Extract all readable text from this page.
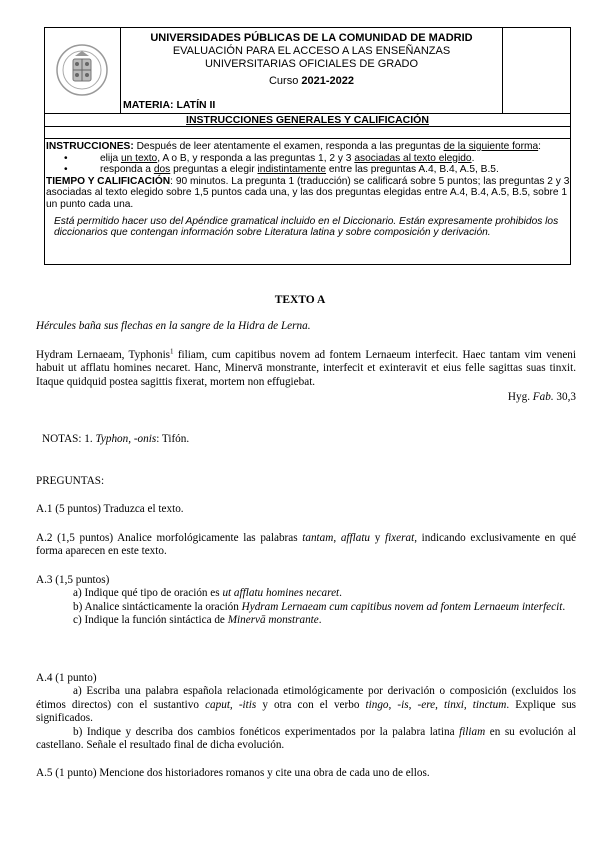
UNIVERSIDADES PÚBLICAS DE LA COMUNIDAD DE MADRID
EVALUACIÓN PARA EL ACCESO A LAS ENSEÑANZAS
UNIVERSITARIAS OFICIALES DE GRADO
Curso 2021-2022
MATERIA: LATÍN II
INSTRUCCIONES GENERALES Y CALIFICACIÓN

INSTRUCCIONES: Después de leer atentamente el examen, responda a las preguntas de la siguiente forma:

• elija un texto, A o B, y responda a las preguntas 1, 2 y 3 asociadas al texto elegido.

• responda a dos preguntas a elegir indistintamente entre las preguntas A.4, B.4, A.5, B.5.

TIEMPO Y CALIFICACIÓN: 90 minutos. La pregunta 1 (traducción) se calificará sobre 5 puntos; las preguntas 2 y 3 asociadas al texto elegido sobre 1,5 puntos cada una, y las dos preguntas elegidas entre A.4, B.4, A.5, B.5, sobre 1 un punto cada una.

Está permitido hacer uso del Apéndice gramatical incluido en el Diccionario. Están expresamente prohibidos los diccionarios que contengan información sobre Literatura latina y sobre composición y derivación.

TEXTO A
Hércules baña sus flechas en la sangre de la Hidra de Lerna.
Hydram Lernaeam, Typhonis$^1$ filiam, cum capitibus novem ad fontem Lernaeum interfecit. Haec tantam vim veneni habuit ut afflatu homines necaret. Hanc, Minervā monstrante, interfecit et exinteravit et eius felle sagittas suas tinxit. Itaque quidquid postea sagittis fixerat, mortem non effugiebat.
Hyg. Fab. 30,3
NOTAS: 1. Typhon, -onis: Tifón.
PREGUNTAS:
A.1 (5 puntos) Traduzca el texto.
A.2 (1,5 puntos) Analice morfológicamente las palabras tantam, afflatu y fixerat, indicando exclusivamente en qué forma aparecen en este texto.
A.3 (1,5 puntos)
a) Indique qué tipo de oración es ut afflatu homines necaret.
b) Analice sintácticamente la oración Hydram Lernaeam cum capitibus novem ad fontem Lernaeum interfecit.
c) Indique la función sintáctica de Minervā monstrante.
A.4 (1 punto)
a) Escriba una palabra española relacionada etimológicamente por derivación o composición (excluidos los étimos directos) con el sustantivo caput, -itis y otra con el verbo tingo, -is, -ere, tinxi, tinctum. Explique sus significados.
b) Indique y describa dos cambios fonéticos experimentados por la palabra latina filiam en su evolución al castellano. Señale el resultado final de dicha evolución.
A.5 (1 punto) Mencione dos historiadores romanos y cite una obra de cada uno de ellos.
